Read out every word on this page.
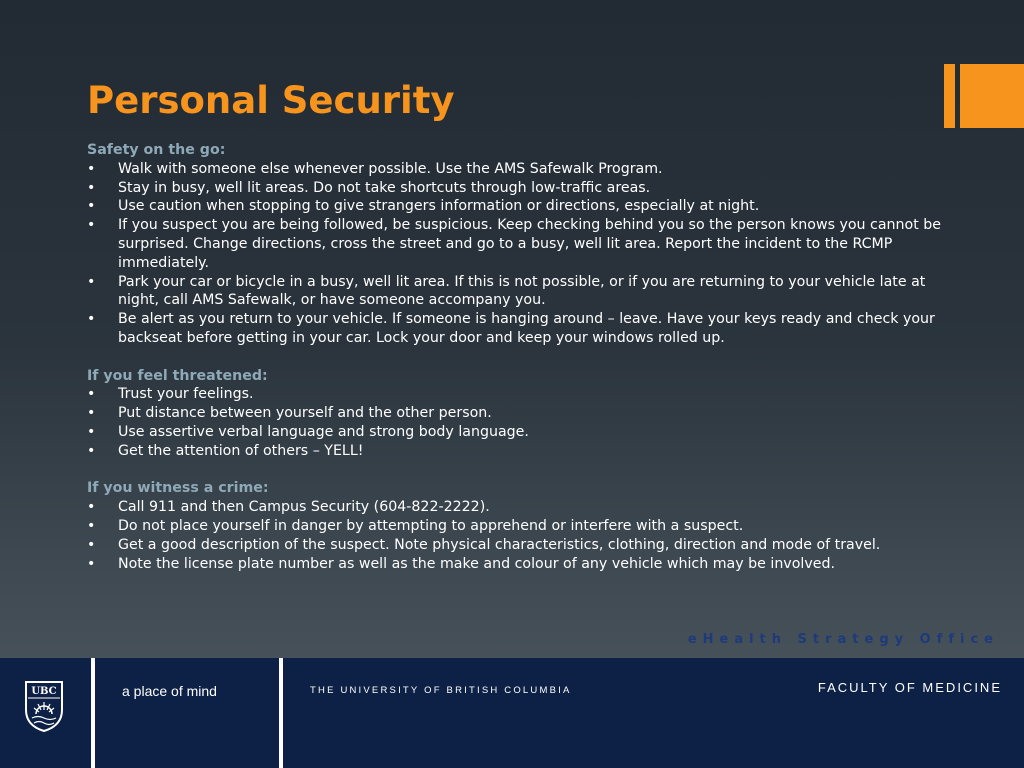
Personal Security

Safety on the go:

•	Walk with someone else whenever possible. Use the AMS Safewalk Program.
•	Stay in busy, well lit areas. Do not take shortcuts through low-traffic areas.
•	Use caution when stopping to give strangers information or directions, especially at night.
•	If you suspect you are being followed, be suspicious. Keep checking behind you so the person knows you cannot be surprised. Change directions, cross the street and go to a busy, well lit area. Report the incident to the RCMP immediately.
•	Park your car or bicycle in a busy, well lit area. If this is not possible, or if you are returning to your vehicle late at night, call AMS Safewalk, or have someone accompany you.
•	Be alert as you return to your vehicle. If someone is hanging around – leave. Have your keys ready and check your backseat before getting in your car. Lock your door and keep your windows rolled up.

If you feel threatened:

•	Trust your feelings.
•	Put distance between yourself and the other person.
•	Use assertive verbal language and strong body language.
•	Get the attention of others – YELL!

If you witness a crime:

•	Call 911 and then Campus Security (604-822-2222).
•	Do not place yourself in danger by attempting to apprehend or interfere with a suspect.
•	Get a good description of the suspect. Note physical characteristics, clothing, direction and mode of travel.
•	Note the license plate number as well as the make and colour of any vehicle which may be involved.

eHealth Strategy Office

UBC	a place of mind	THE UNIVERSITY OF BRITISH COLUMBIA	FACULTY OF MEDICINE
